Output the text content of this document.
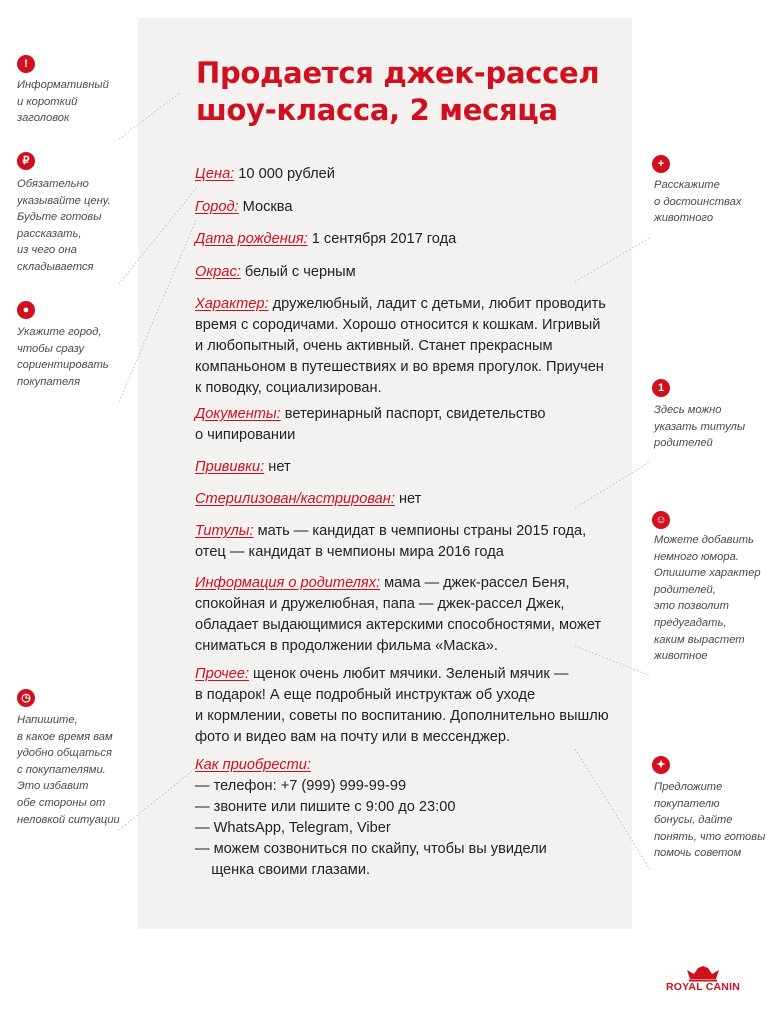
Продается джек-рассел
шоу-класса, 2 месяца
Цена: 10 000 рублей
Город: Москва
Дата рождения: 1 сентября 2017 года
Окрас: белый с черным
Характер: дружелюбный, ладит с детьми, любит проводить
время с сородичами. Хорошо относится к кошкам. Игривый
и любопытный, очень активный. Станет прекрасным
компаньоном в путешествиях и во время прогулок. Приучен
к поводку, социализирован.
Документы: ветеринарный паспорт, свидетельство
о чипировании
Прививки: нет
Стерилизован/кастрирован: нет
Титулы: мать — кандидат в чемпионы страны 2015 года,
отец — кандидат в чемпионы мира 2016 года
Информация о родителях: мама — джек-рассел Беня,
спокойная и дружелюбная, папа — джек-рассел Джек,
обладает выдающимися актерскими способностями, может
сниматься в продолжении фильма «Маска».
Прочее: щенок очень любит мячики. Зеленый мячик —
в подарок! А еще подробный инструктаж об уходе
и кормлении, советы по воспитанию. Дополнительно вышлю
фото и видео вам на почту или в мессенджер.
Как приобрести:
— телефон: +7 (999) 999-99-99
— звоните или пишите с 9:00 до 23:00
— WhatsApp, Telegram, Viber
— можем созвониться по скайпу, чтобы вы увидели
щенка своими глазами.
!
Информативный
и короткий
заголовок
₽
Обязательно
указывайте цену.
Будьте готовы
рассказать,
из чего она
складывается
●
Укажите город,
чтобы сразу
сориентировать
покупателя
◷
Напишите,
в какое время вам
удобно общаться
с покупателями.
Это избавит
обе стороны от
неловкой ситуации
+
Расскажите
о достоинствах
животного
1
Здесь можно
указать титулы
родителей
☺
Можете добавить
немного юмора.
Опишите характер
родителей,
это позволит
предугадать,
каким вырастет
животное
✦
Предложите
покупателю
бонусы, дайте
понять, что готовы
помочь советом
ROYAL CANIN
